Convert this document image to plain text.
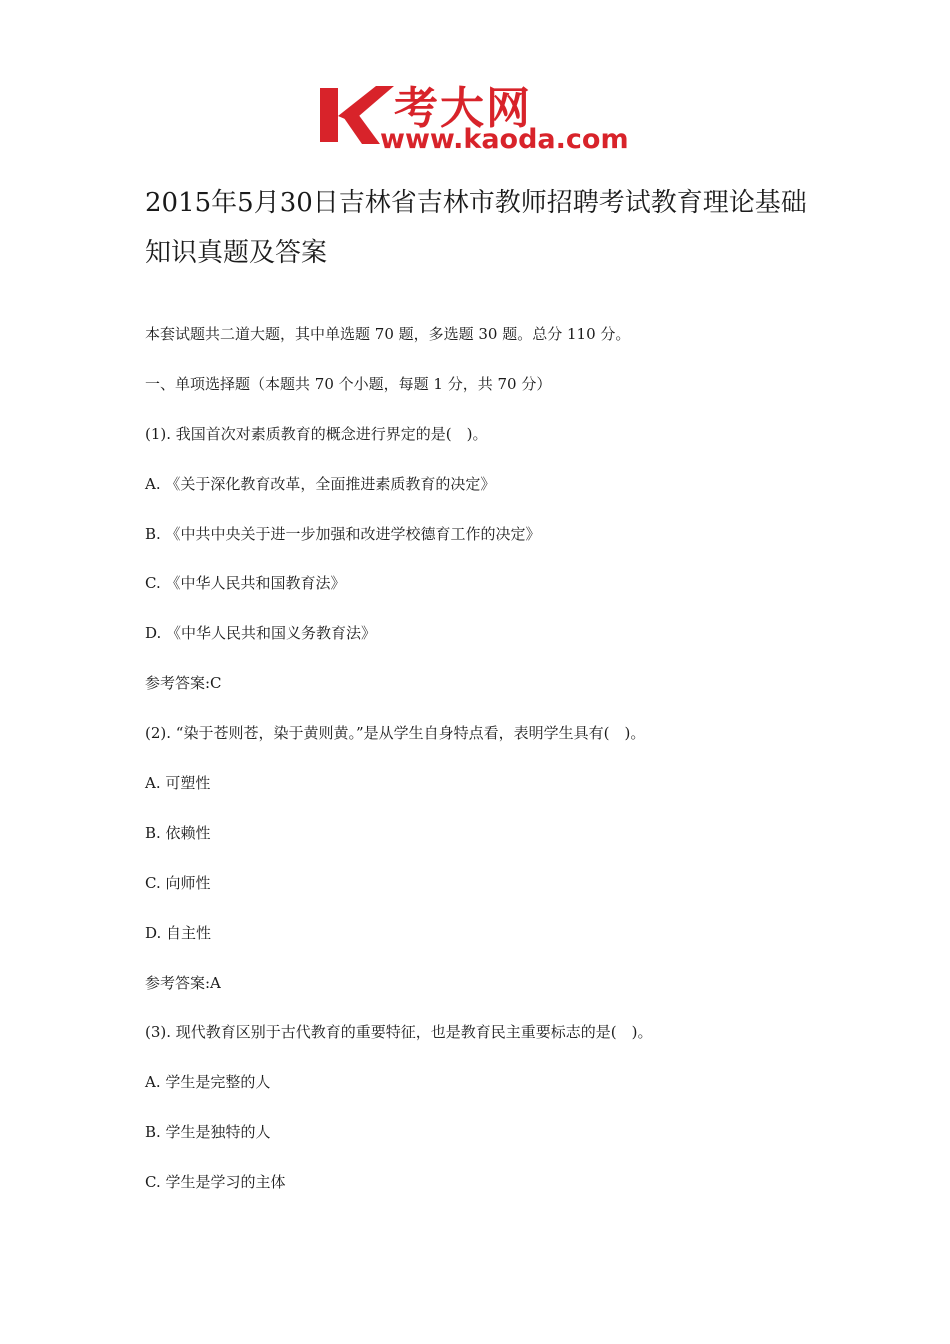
考大网
www.kaoda.com
2015年5月30日吉林省吉林市教师招聘考试教育理论基础
知识真题及答案
本套试题共二道大题，其中单选题 70 题，多选题 30 题。总分 110 分。
一、单项选择题（本题共 70 个小题，每题 1 分，共 70 分）
(1). 我国首次对素质教育的概念进行界定的是(　)。
A. 《关于深化教育改革，全面推进素质教育的决定》
B. 《中共中央关于进一步加强和改进学校德育工作的决定》
C. 《中华人民共和国教育法》
D. 《中华人民共和国义务教育法》
参考答案:C
(2). “染于苍则苍，染于黄则黄。”是从学生自身特点看，表明学生具有(　)。
A. 可塑性
B. 依赖性
C. 向师性
D. 自主性
参考答案:A
(3). 现代教育区别于古代教育的重要特征，也是教育民主重要标志的是(　)。
A. 学生是完整的人
B. 学生是独特的人
C. 学生是学习的主体
